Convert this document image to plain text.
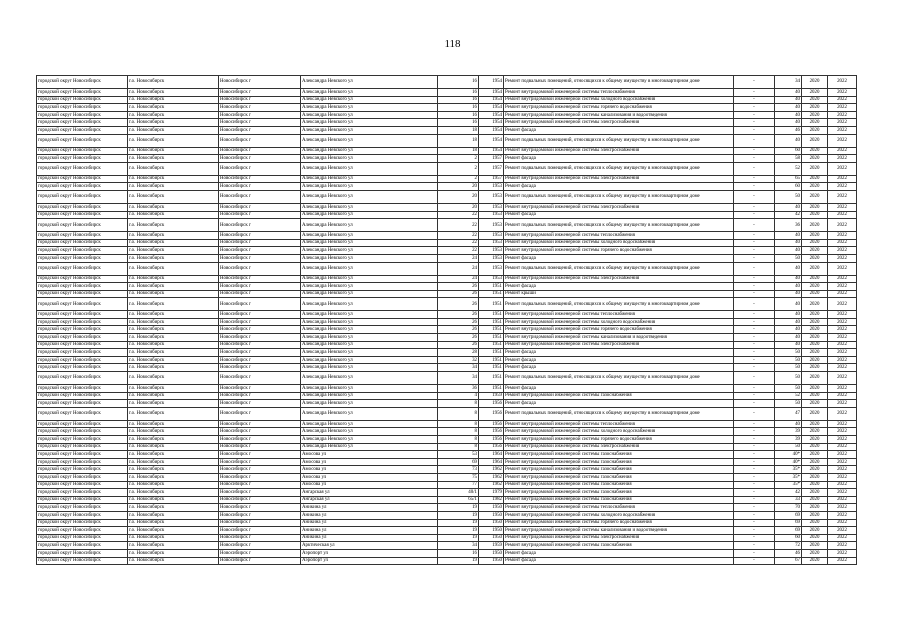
118
городской округ Новосибирск	г.о. Новосибирск	Новосибирск г	Александра Невского ул	16	1954	Ремонт подвальных помещений, относящихся к общему имуществу в многоквартирном доме	-	34	2020	2022
городской округ Новосибирск	г.о. Новосибирск	Новосибирск г	Александра Невского ул	16	1954	Ремонт внутридомовой инженерной системы теплоснабжения	-	40	2020	2022
городской округ Новосибирск	г.о. Новосибирск	Новосибирск г	Александра Невского ул	16	1954	Ремонт внутридомовой инженерной системы холодного водоснабжения	-	40	2020	2022
городской округ Новосибирск	г.о. Новосибирск	Новосибирск г	Александра Невского ул	16	1954	Ремонт внутридомовой инженерной системы горячего водоснабжения	-	40	2020	2022
городской округ Новосибирск	г.о. Новосибирск	Новосибирск г	Александра Невского ул	16	1954	Ремонт внутридомовой инженерной системы канализования и водоотведения	-	40	2020	2022
городской округ Новосибирск	г.о. Новосибирск	Новосибирск г	Александра Невского ул	16	1954	Ремонт внутридомовой инженерной системы электроснабжения	-	40	2020	2022
городской округ Новосибирск	г.о. Новосибирск	Новосибирск г	Александра Невского ул	18	1954	Ремонт фасада	-	46	2020	2022
городской округ Новосибирск	г.о. Новосибирск	Новосибирск г	Александра Невского ул	18	1954	Ремонт подвальных помещений, относящихся к общему имуществу в многоквартирном доме	-	40	2020	2022
городской округ Новосибирск	г.о. Новосибирск	Новосибирск г	Александра Невского ул	18	1954	Ремонт внутридомовой инженерной системы электроснабжения	-	60	2020	2022
городской округ Новосибирск	г.о. Новосибирск	Новосибирск г	Александра Невского ул	2	1957	Ремонт фасада	-	58	2020	2022
городской округ Новосибирск	г.о. Новосибирск	Новосибирск г	Александра Невского ул	2	1957	Ремонт подвальных помещений, относящихся к общему имуществу в многоквартирном доме	-	52	2020	2022
городской округ Новосибирск	г.о. Новосибирск	Новосибирск г	Александра Невского ул	2	1957	Ремонт внутридомовой инженерной системы электроснабжения	-	65	2020	2022
городской округ Новосибирск	г.о. Новосибирск	Новосибирск г	Александра Невского ул	20	1953	Ремонт фасада	-	60	2020	2022
городской округ Новосибирск	г.о. Новосибирск	Новосибирск г	Александра Невского ул	20	1953	Ремонт подвальных помещений, относящихся к общему имуществу в многоквартирном доме	-	50	2020	2022
городской округ Новосибирск	г.о. Новосибирск	Новосибирск г	Александра Невского ул	20	1953	Ремонт внутридомовой инженерной системы электроснабжения	-	40	2020	2022
городской округ Новосибирск	г.о. Новосибирск	Новосибирск г	Александра Невского ул	22	1953	Ремонт фасада	-	42	2020	2022
городской округ Новосибирск	г.о. Новосибирск	Новосибирск г	Александра Невского ул	22	1953	Ремонт подвальных помещений, относящихся к общему имуществу в многоквартирном доме	-	36	2020	2022
городской округ Новосибирск	г.о. Новосибирск	Новосибирск г	Александра Невского ул	22	1953	Ремонт внутридомовой инженерной системы теплоснабжения	-	40	2020	2022
городской округ Новосибирск	г.о. Новосибирск	Новосибирск г	Александра Невского ул	22	1953	Ремонт внутридомовой инженерной системы холодного водоснабжения	-	40	2020	2022
городской округ Новосибирск	г.о. Новосибирск	Новосибирск г	Александра Невского ул	22	1953	Ремонт внутридомовой инженерной системы горячего водоснабжения	-	40	2020	2022
городской округ Новосибирск	г.о. Новосибирск	Новосибирск г	Александра Невского ул	24	1953	Ремонт фасада	-	50	2020	2022
городской округ Новосибирск	г.о. Новосибирск	Новосибирск г	Александра Невского ул	24	1953	Ремонт подвальных помещений, относящихся к общему имуществу в многоквартирном доме	-	40	2020	2022
городской округ Новосибирск	г.о. Новосибирск	Новосибирск г	Александра Невского ул	24	1953	Ремонт внутридомовой инженерной системы электроснабжения	-	40	2020	2022
городской округ Новосибирск	г.о. Новосибирск	Новосибирск г	Александра Невского ул	26	1951	Ремонт фасада	-	40	2020	2022
городской округ Новосибирск	г.о. Новосибирск	Новосибирск г	Александра Невского ул	26	1951	Ремонт крыши	-	40	2020	2022
городской округ Новосибирск	г.о. Новосибирск	Новосибирск г	Александра Невского ул	26	1951	Ремонт подвальных помещений, относящихся к общему имуществу в многоквартирном доме	-	40	2020	2022
городской округ Новосибирск	г.о. Новосибирск	Новосибирск г	Александра Невского ул	26	1951	Ремонт внутридомовой инженерной системы теплоснабжения	-	40	2020	2022
городской округ Новосибирск	г.о. Новосибирск	Новосибирск г	Александра Невского ул	26	1951	Ремонт внутридомовой инженерной системы холодного водоснабжения	-	40	2020	2022
городской округ Новосибирск	г.о. Новосибирск	Новосибирск г	Александра Невского ул	26	1951	Ремонт внутридомовой инженерной системы горячего водоснабжения	-	40	2020	2022
городской округ Новосибирск	г.о. Новосибирск	Новосибирск г	Александра Невского ул	26	1951	Ремонт внутридомовой инженерной системы канализования и водоотведения	-	40	2020	2022
городской округ Новосибирск	г.о. Новосибирск	Новосибирск г	Александра Невского ул	26	1951	Ремонт внутридомовой инженерной системы электроснабжения	-	40	2020	2022
городской округ Новосибирск	г.о. Новосибирск	Новосибирск г	Александра Невского ул	28	1951	Ремонт фасада	-	50	2020	2022
городской округ Новосибирск	г.о. Новосибирск	Новосибирск г	Александра Невского ул	32	1951	Ремонт фасада	-	50	2020	2022
городской округ Новосибирск	г.о. Новосибирск	Новосибирск г	Александра Невского ул	34	1951	Ремонт фасада	-	50	2020	2022
городской округ Новосибирск	г.о. Новосибирск	Новосибирск г	Александра Невского ул	34	1951	Ремонт подвальных помещений, относящихся к общему имуществу в многоквартирном доме	-	50	2020	2022
городской округ Новосибирск	г.о. Новосибирск	Новосибирск г	Александра Невского ул	36	1951	Ремонт фасада	-	50	2020	2022
городской округ Новосибирск	г.о. Новосибирск	Новосибирск г	Александра Невского ул	4	1959	Ремонт внутридомовой инженерной системы газоснабжения	-	52	2020	2022
городской округ Новосибирск	г.о. Новосибирск	Новосибирск г	Александра Невского ул	8	1956	Ремонт фасада	-	50	2020	2022
городской округ Новосибирск	г.о. Новосибирск	Новосибирск г	Александра Невского ул	8	1956	Ремонт подвальных помещений, относящихся к общему имуществу в многоквартирном доме	-	47	2020	2022
городской округ Новосибирск	г.о. Новосибирск	Новосибирск г	Александра Невского ул	8	1956	Ремонт внутридомовой инженерной системы теплоснабжения	-	40	2020	2022
городской округ Новосибирск	г.о. Новосибирск	Новосибирск г	Александра Невского ул	8	1956	Ремонт внутридомовой инженерной системы холодного водоснабжения	-	39	2020	2022
городской округ Новосибирск	г.о. Новосибирск	Новосибирск г	Александра Невского ул	8	1956	Ремонт внутридомовой инженерной системы горячего водоснабжения	-	39	2020	2022
городской округ Новосибирск	г.о. Новосибирск	Новосибирск г	Александра Невского ул	8	1956	Ремонт внутридомовой инженерной системы электроснабжения	-	50	2020	2022
городской округ Новосибирск	г.о. Новосибирск	Новосибирск г	Амосова ул	53	1964	Ремонт внутридомовой инженерной системы газоснабжения	-	40*	2020	2022
городской округ Новосибирск	г.о. Новосибирск	Новосибирск г	Амосова ул	69	1964	Ремонт внутридомовой инженерной системы газоснабжения	-	40*	2020	2022
городской округ Новосибирск	г.о. Новосибирск	Новосибирск г	Амосова ул	73	1962	Ремонт внутридомовой инженерной системы газоснабжения	-	35*	2020	2022
городской округ Новосибирск	г.о. Новосибирск	Новосибирск г	Амосова ул	75	1962	Ремонт внутридомовой инженерной системы газоснабжения	-	35*	2020	2022
городской округ Новосибирск	г.о. Новосибирск	Новосибирск г	Амосова ул	77	1962	Ремонт внутридомовой инженерной системы газоснабжения	-	35*	2020	2022
городской округ Новосибирск	г.о. Новосибирск	Новосибирск г	Ангарская ул	40/1	1979	Ремонт внутридомовой инженерной системы газоснабжения	-	42	2020	2022
городской округ Новосибирск	г.о. Новосибирск	Новосибирск г	Ангарская ул	65/1	1982	Ремонт внутридомовой инженерной системы газоснабжения	-	33	2020	2022
городской округ Новосибирск	г.о. Новосибирск	Новосибирск г	Аникина ул	19	1950	Ремонт внутридомовой инженерной системы теплоснабжения	-	70	2020	2022
городской округ Новосибирск	г.о. Новосибирск	Новосибирск г	Аникина ул	19	1950	Ремонт внутридомовой инженерной системы холодного водоснабжения	-	69	2020	2022
городской округ Новосибирск	г.о. Новосибирск	Новосибирск г	Аникина ул	19	1950	Ремонт внутридомовой инженерной системы горячего водоснабжения	-	69	2020	2022
городской округ Новосибирск	г.о. Новосибирск	Новосибирск г	Аникина ул	19	1950	Ремонт внутридомовой инженерной системы канализования и водоотведения	-	69	2020	2022
городской округ Новосибирск	г.о. Новосибирск	Новосибирск г	Аникина ул	19	1950	Ремонт внутридомовой инженерной системы электроснабжения	-	60	2020	2022
городской округ Новосибирск	г.о. Новосибирск	Новосибирск г	Арктическая ул	34	1959	Ремонт внутридомовой инженерной системы газоснабжения	-	72	2020	2022
городской округ Новосибирск	г.о. Новосибирск	Новосибирск г	Аэропорт ул	16	1950	Ремонт фасада	-	46	2020	2022
городской округ Новосибирск	г.о. Новосибирск	Новосибирск г	Аэропорт ул	19	1950	Ремонт фасада	-	67	2020	2022
